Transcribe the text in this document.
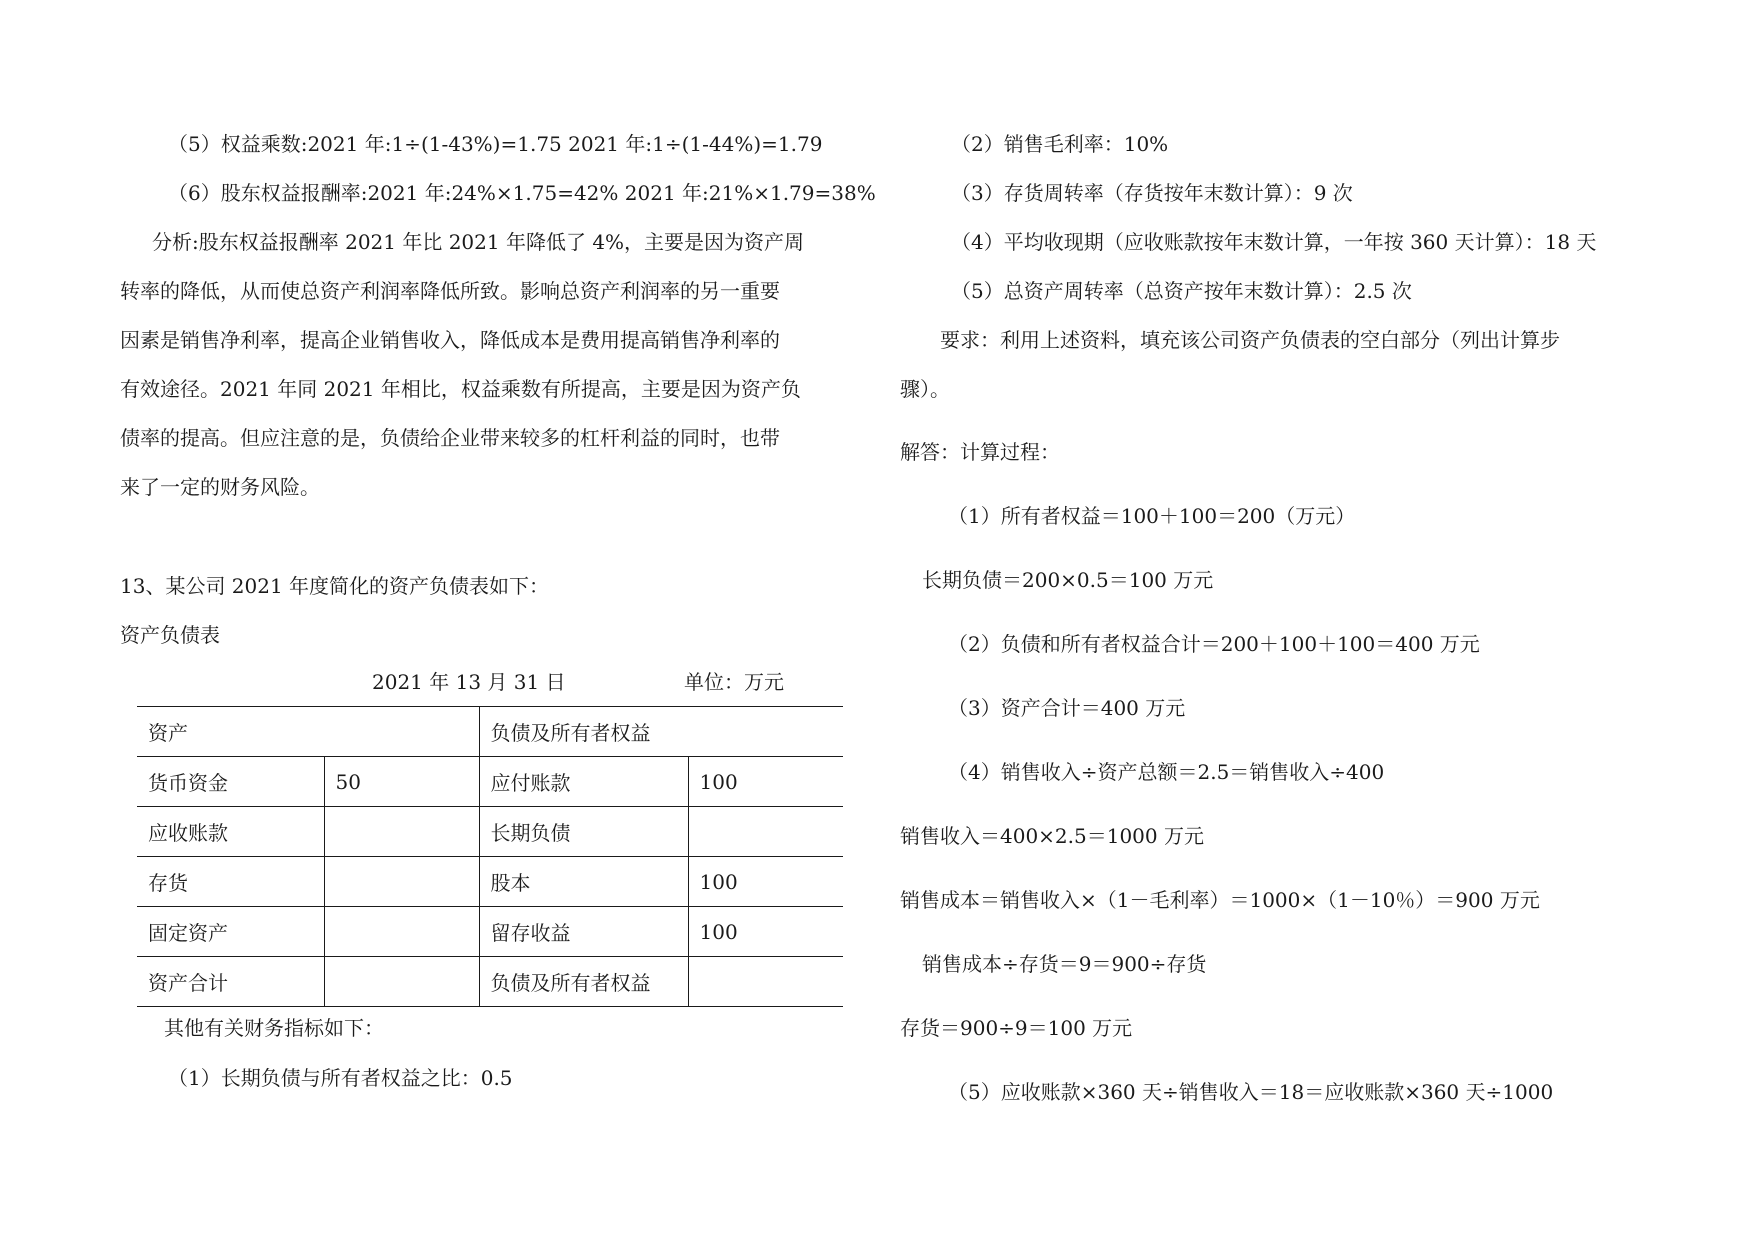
（5）权益乘数:2021 年:1÷(1-43%)=1.75 2021 年:1÷(1-44%)=1.79
（6）股东权益报酬率:2021 年:24%×1.75=42% 2021 年:21%×1.79=38%
分析:股东权益报酬率 2021 年比 2021 年降低了 4%，主要是因为资产周
转率的降低，从而使总资产利润率降低所致。影响总资产利润率的另一重要
因素是销售净利率，提高企业销售收入，降低成本是费用提高销售净利率的
有效途径。2021 年同 2021 年相比，权益乘数有所提高，主要是因为资产负
债率的提高。但应注意的是，负债给企业带来较多的杠杆利益的同时，也带
来了一定的财务风险。
13、某公司 2021 年度简化的资产负债表如下：
资产负债表
2021 年 13 月 31 日	单位：万元
资产		负债及所有者权益	
货币资金	50	应付账款	100
应收账款		长期负债	
存货		股本	100
固定资产		留存收益	100
资产合计		负债及所有者权益	
其他有关财务指标如下：
（1）长期负债与所有者权益之比：0.5
（2）销售毛利率：10%
（3）存货周转率（存货按年末数计算）：9 次
（4）平均收现期（应收账款按年末数计算，一年按 360 天计算）：18 天
（5）总资产周转率（总资产按年末数计算）：2.5 次
要求：利用上述资料，填充该公司资产负债表的空白部分（列出计算步
骤）。
解答：计算过程：
（1）所有者权益＝100＋100＝200（万元）
长期负债＝200×0.5＝100 万元
（2）负债和所有者权益合计＝200＋100＋100＝400 万元
（3）资产合计＝400 万元
（4）销售收入÷资产总额＝2.5＝销售收入÷400
销售收入＝400×2.5＝1000 万元
销售成本＝销售收入×（1－毛利率）＝1000×（1－10％）＝900 万元
销售成本÷存货＝9＝900÷存货
存货＝900÷9＝100 万元
（5）应收账款×360 天÷销售收入＝18＝应收账款×360 天÷1000
